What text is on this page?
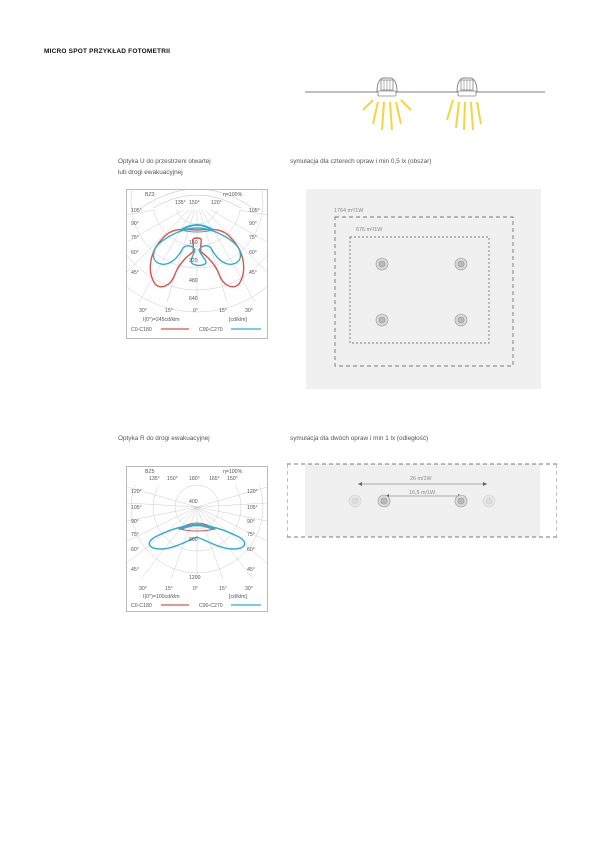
MICRO SPOT PRZYKŁAD FOTOMETRII
Optyka U do przestrzeni otwartej
lub drogi ewakuacyjnej
symulacja dla czterech opraw i min 0,5 lx (obszar)
BZ3	η=100%
135° 150° 120°
105°
90°
75°
60°
45°
105°
90°
75°
60°
45°
160
320
480
640
30°	15°	0°	15°	30°
I(0°)=245cd/klm	[cd/klm]
C0-C180	C90-C270
1764 m²/1W
676 m²/1W
Optyka R do drogi ewakuacyjnej	symulacja dla dwóch opraw i min 1 lx (odległość)
BZ5	η=100%
135° 150° 180° 165° 150°
120°
105°
90°
75°
60°
45°
120°
105°
90°
75°
60°
45°
400
800
1200
30°	15°	0°	15°	30°
I(0°)=100cd/klm	[cd/klm]
C0-C180	C90-C270
26 m/1W
16,5 m/1W
